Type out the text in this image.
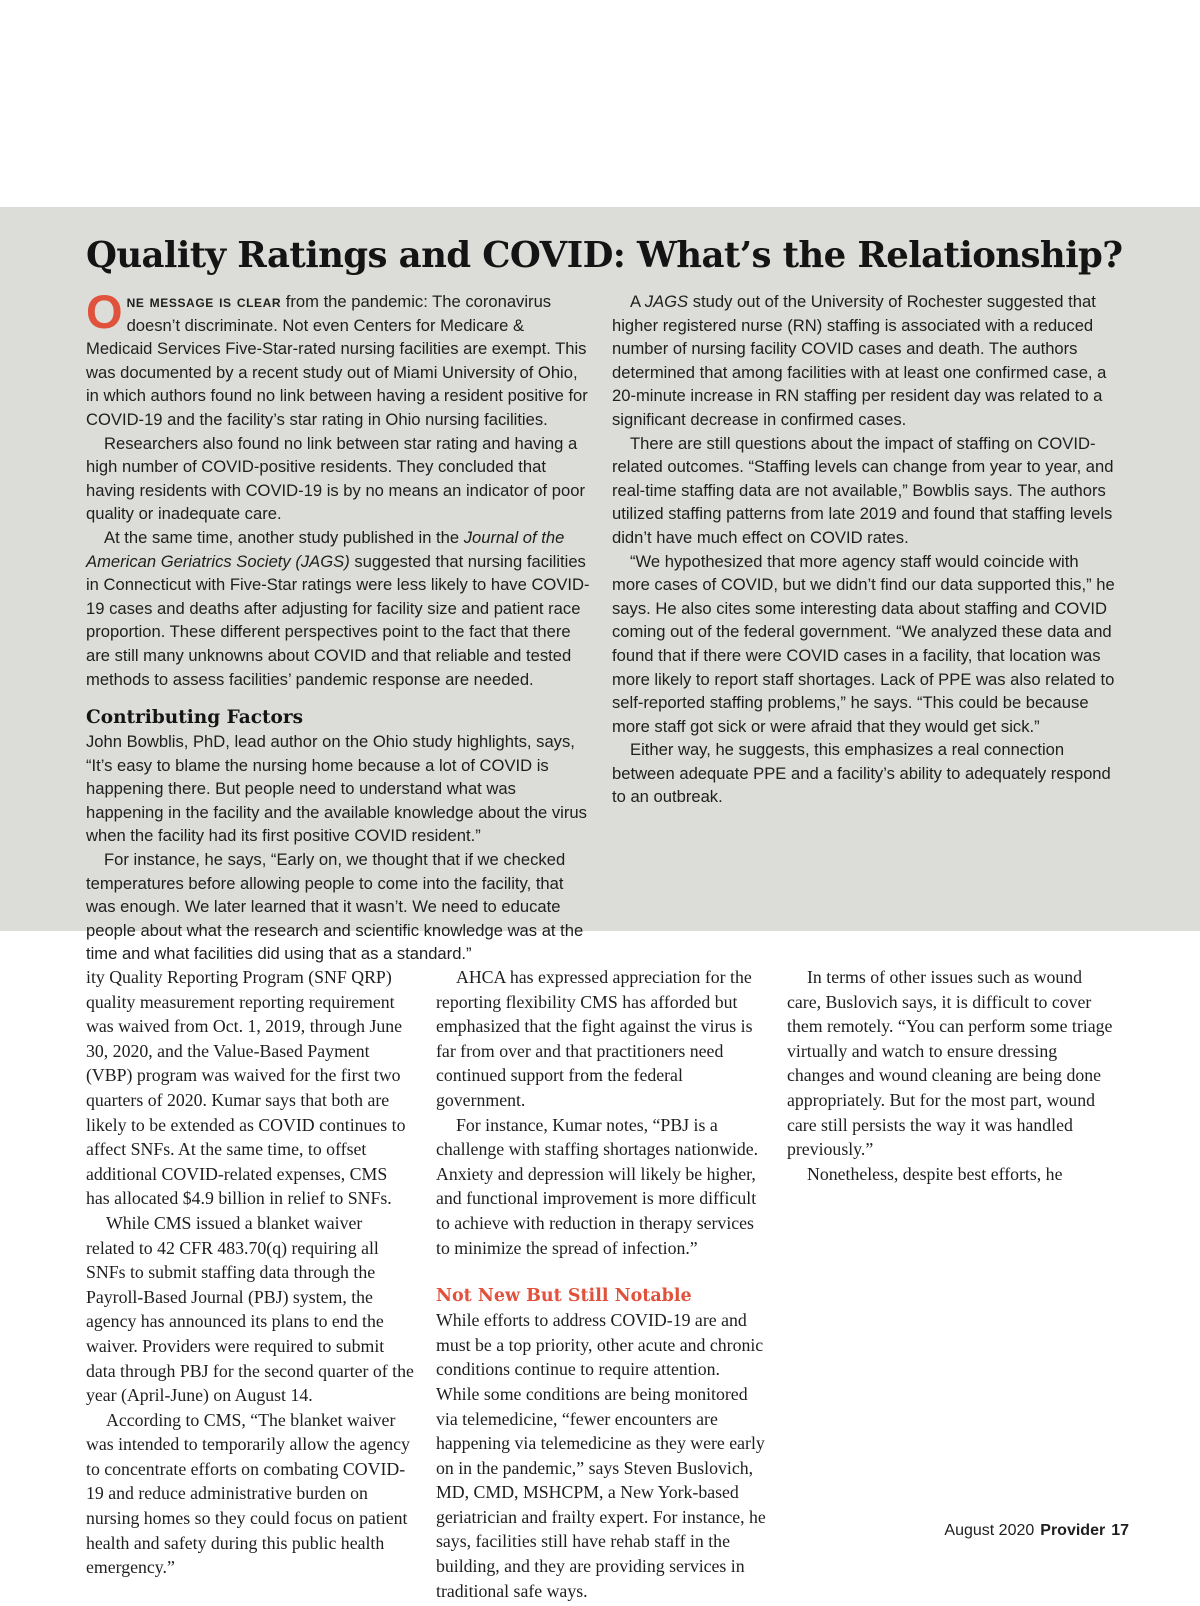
Quality Ratings and COVID: What’s the Relationship?

One message is clear from the pandemic: The coronavirus doesn’t discriminate. Not even Centers for Medicare & Medicaid Services Five-Star-rated nursing facilities are exempt. This was documented by a recent study out of Miami University of Ohio, in which authors found no link between having a resident positive for COVID-19 and the facility’s star rating in Ohio nursing facilities.

Researchers also found no link between star rating and having a high number of COVID-positive residents. They concluded that having residents with COVID-19 is by no means an indicator of poor quality or inadequate care.

At the same time, another study published in the Journal of the American Geriatrics Society (JAGS) suggested that nursing facilities in Connecticut with Five-Star ratings were less likely to have COVID-19 cases and deaths after adjusting for facility size and patient race proportion. These different perspectives point to the fact that there are still many unknowns about COVID and that reliable and tested methods to assess facilities’ pandemic response are needed.

Contributing Factors

John Bowblis, PhD, lead author on the Ohio study highlights, says, “It’s easy to blame the nursing home because a lot of COVID is happening there. But people need to understand what was happening in the facility and the available knowledge about the virus when the facility had its first positive COVID resident.”

For instance, he says, “Early on, we thought that if we checked temperatures before allowing people to come into the facility, that was enough. We later learned that it wasn’t. We need to educate people about what the research and scientific knowledge was at the time and what facilities did using that as a standard.”

A JAGS study out of the University of Rochester suggested that higher registered nurse (RN) staffing is associated with a reduced number of nursing facility COVID cases and death. The authors determined that among facilities with at least one confirmed case, a 20-minute increase in RN staffing per resident day was related to a significant decrease in confirmed cases.

There are still questions about the impact of staffing on COVID-related outcomes. “Staffing levels can change from year to year, and real-time staffing data are not available,” Bowblis says. The authors utilized staffing patterns from late 2019 and found that staffing levels didn’t have much effect on COVID rates.

“We hypothesized that more agency staff would coincide with more cases of COVID, but we didn’t find our data supported this,” he says. He also cites some interesting data about staffing and COVID coming out of the federal government. “We analyzed these data and found that if there were COVID cases in a facility, that location was more likely to report staff shortages. Lack of PPE was also related to self-reported staffing problems,” he says. “This could be because more staff got sick or were afraid that they would get sick.”

Either way, he suggests, this emphasizes a real connection between adequate PPE and a facility’s ability to adequately respond to an outbreak.

ity Quality Reporting Program (SNF QRP) quality measurement reporting requirement was waived from Oct. 1, 2019, through June 30, 2020, and the Value-Based Payment (VBP) program was waived for the first two quarters of 2020. Kumar says that both are likely to be extended as COVID continues to affect SNFs. At the same time, to offset additional COVID-related expenses, CMS has allocated $4.9 billion in relief to SNFs.

While CMS issued a blanket waiver related to 42 CFR 483.70(q) requiring all SNFs to submit staffing data through the Payroll-Based Journal (PBJ) system, the agency has announced its plans to end the waiver. Providers were required to submit data through PBJ for the second quarter of the year (April-June) on August 14.

According to CMS, “The blanket waiver was intended to temporarily allow the agency to concentrate efforts on combating COVID-19 and reduce administrative burden on nursing homes so they could focus on patient health and safety during this public health emergency.”

AHCA has expressed appreciation for the reporting flexibility CMS has afforded but emphasized that the fight against the virus is far from over and that practitioners need continued support from the federal government.

For instance, Kumar notes, “PBJ is a challenge with staffing shortages nationwide. Anxiety and depression will likely be higher, and functional improvement is more difficult to achieve with reduction in therapy services to minimize the spread of infection.”

Not New But Still Notable

While efforts to address COVID-19 are and must be a top priority, other acute and chronic conditions continue to require attention. While some conditions are being monitored via telemedicine, “fewer encounters are happening via telemedicine as they were early on in the pandemic,” says Steven Buslovich, MD, CMD, MSHCPM, a New York-based geriatrician and frailty expert. For instance, he says, facilities still have rehab staff in the building, and they are providing services in traditional safe ways.

In terms of other issues such as wound care, Buslovich says, it is difficult to cover them remotely. “You can perform some triage virtually and watch to ensure dressing changes and wound cleaning are being done appropriately. But for the most part, wound care still persists the way it was handled previously.”

Nonetheless, despite best efforts, he

August 2020 Provider 17
